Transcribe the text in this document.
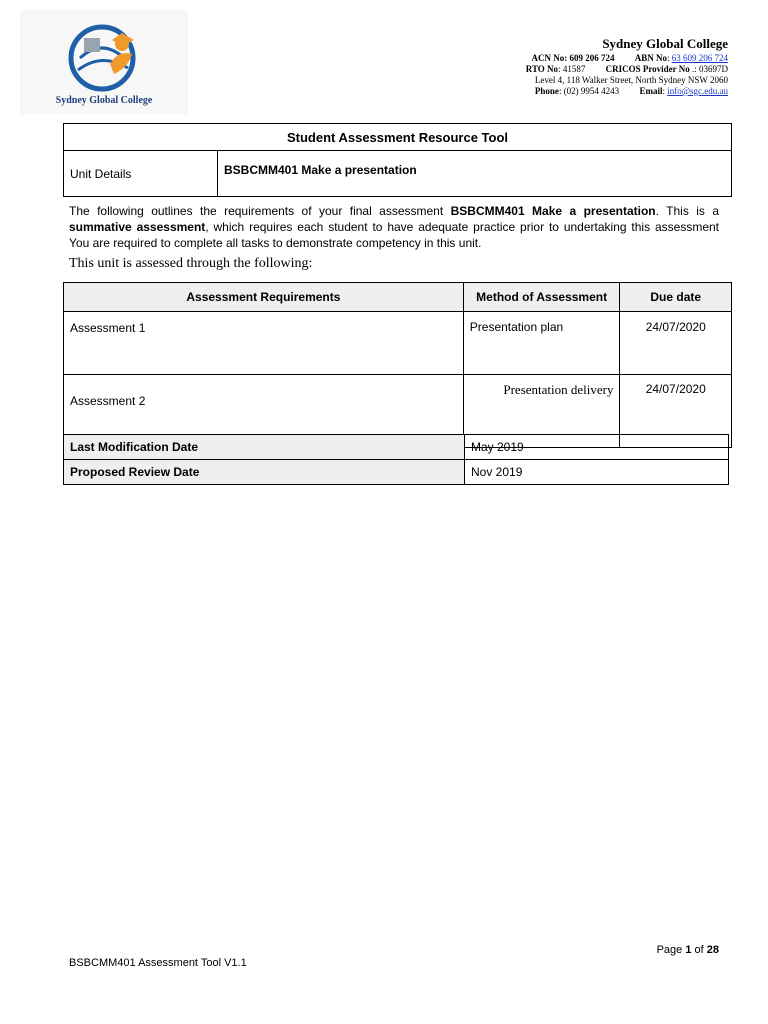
Sydney Global College
Sydney Global College
ACN No: 609 206 724 ABN No: 63 609 206 724
RTO No: 41587 CRICOS Provider No .: 03697D
Level 4, 118 Walker Street, North Sydney NSW 2060
Phone: (02) 9954 4243 Email: info@sgc.edu.au
Student Assessment Resource Tool
Unit Details	BSBCMM401 Make a presentation
The following outlines the requirements of your final assessment BSBCMM401 Make a presentation. This is a summative assessment, which requires each student to have adequate practice prior to undertaking this assessment You are required to complete all tasks to demonstrate competency in this unit.
This unit is assessed through the following:
Assessment Requirements	Method of Assessment	Due date
Assessment 1	Presentation plan	24/07/2020
Assessment 2	Presentation delivery	24/07/2020
Last Modification Date	May 2019
Proposed Review Date	Nov 2019
Page 1 of 28
BSBCMM401 Assessment Tool V1.1
